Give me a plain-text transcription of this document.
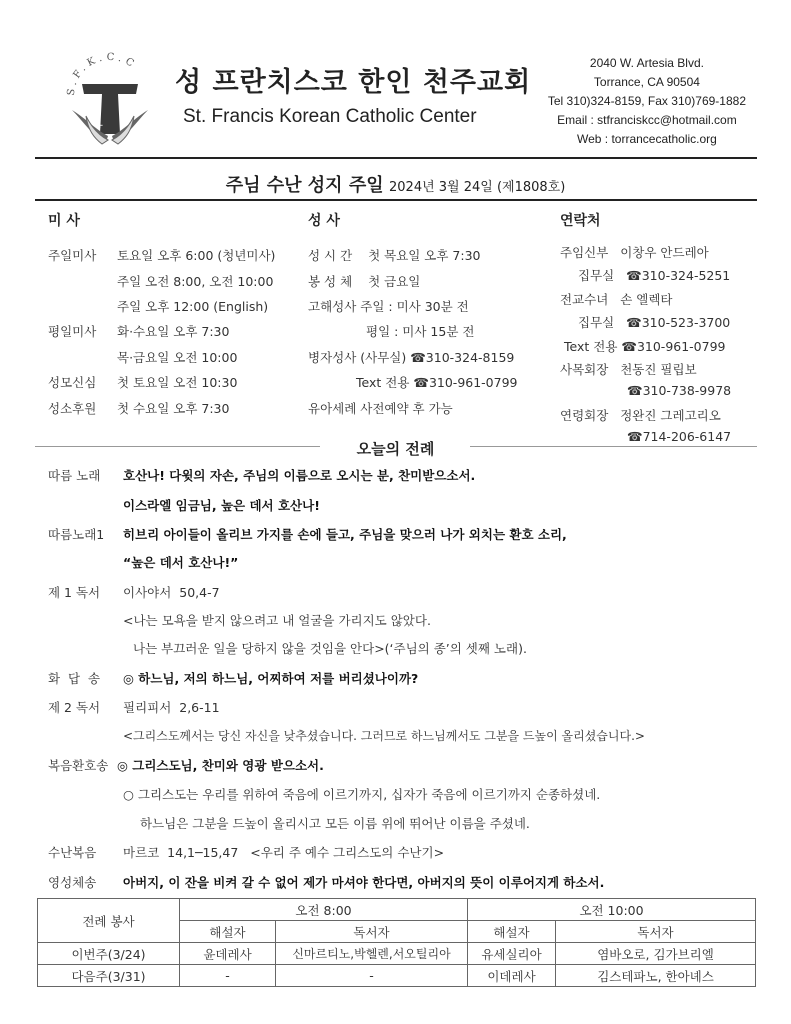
S.F.K.C.C
+ +
성 프란치스코 한인 천주교회
St. Francis Korean Catholic Center
2040 W. Artesia Blvd.
Torrance, CA 90504
Tel 310)324-8159, Fax 310)769-1882
Email : stfranciskcc@hotmail.com
Web : torrancecatholic.org
주님 수난 성지 주일 2024년 3월 24일 (제1808호)
미 사
주일미사 토요일 오후 6:00 (청년미사)
주일 오전 8:00, 오전 10:00
주일 오후 12:00 (English)
평일미사 화·수요일 오후 7:30
목·금요일 오전 10:00
성모신심 첫 토요일 오전 10:30
성소후원 첫 수요일 오후 7:30
성 사
성 시 간    첫 목요일 오후 7:30
봉 성 체    첫 금요일
고해성사 주일 : 미사 30분 전
평일 : 미사 15분 전
병자성사 (사무실) ☎310-324-8159
Text 전용 ☎310-961-0799
유아세례 사전예약 후 가능
연락처
주임신부   이창우 안드레아
집무실   ☎310-324-5251
전교수녀   손 엘렉타
집무실   ☎310-523-3700
Text 전용 ☎310-961-0799
사목회장   천동진 필립보
☎310-738-9978
연령회장   정완진 그레고리오
☎714-206-6147
오늘의 전례
따름 노래 호산나! 다윗의 자손, 주님의 이름으로 오시는 분, 찬미받으소서.
이스라엘 임금님, 높은 데서 호산나!
따름노래1 히브리 아이들이 올리브 가지를 손에 들고, 주님을 맞으러 나가 외치는 환호 소리,
“높은 데서 호산나!”
제 1 독서 이사야서  50,4-7
<나는 모욕을 받지 않으려고 내 얼굴을 가리지도 않았다.
나는 부끄러운 일을 당하지 않을 것임을 안다>(‘주님의 종’의 셋째 노래).
화  답  송 ◎ 하느님, 저의 하느님, 어찌하여 저를 버리셨나이까?
제 2 독서 필리피서  2,6-11
<그리스도께서는 당신 자신을 낮추셨습니다. 그러므로 하느님께서도 그분을 드높이 올리셨습니다.>
복음환호송 ◎ 그리스도님, 찬미와 영광 받으소서.
○ 그리스도는 우리를 위하여 죽음에 이르기까지, 십자가 죽음에 이르기까지 순종하셨네.
하느님은 그분을 드높이 올리시고 모든 이름 위에 뛰어난 이름을 주셨네.
수난복음 마르코  14,1─15,47   <우리 주 예수 그리스도의 수난기>
영성체송 아버지, 이 잔을 비켜 갈 수 없어 제가 마셔야 한다면, 아버지의 뜻이 이루어지게 하소서.
전례 봉사	오전 8:00		오전 10:00	
	해설자	독서자	해설자	독서자
이번주(3/24)	윤데레사	신마르티노,박헬렌,서오틸리아	유세실리아	염바오로, 김가브리엘
다음주(3/31)	-	-	이데레사	김스테파노, 한아녜스
